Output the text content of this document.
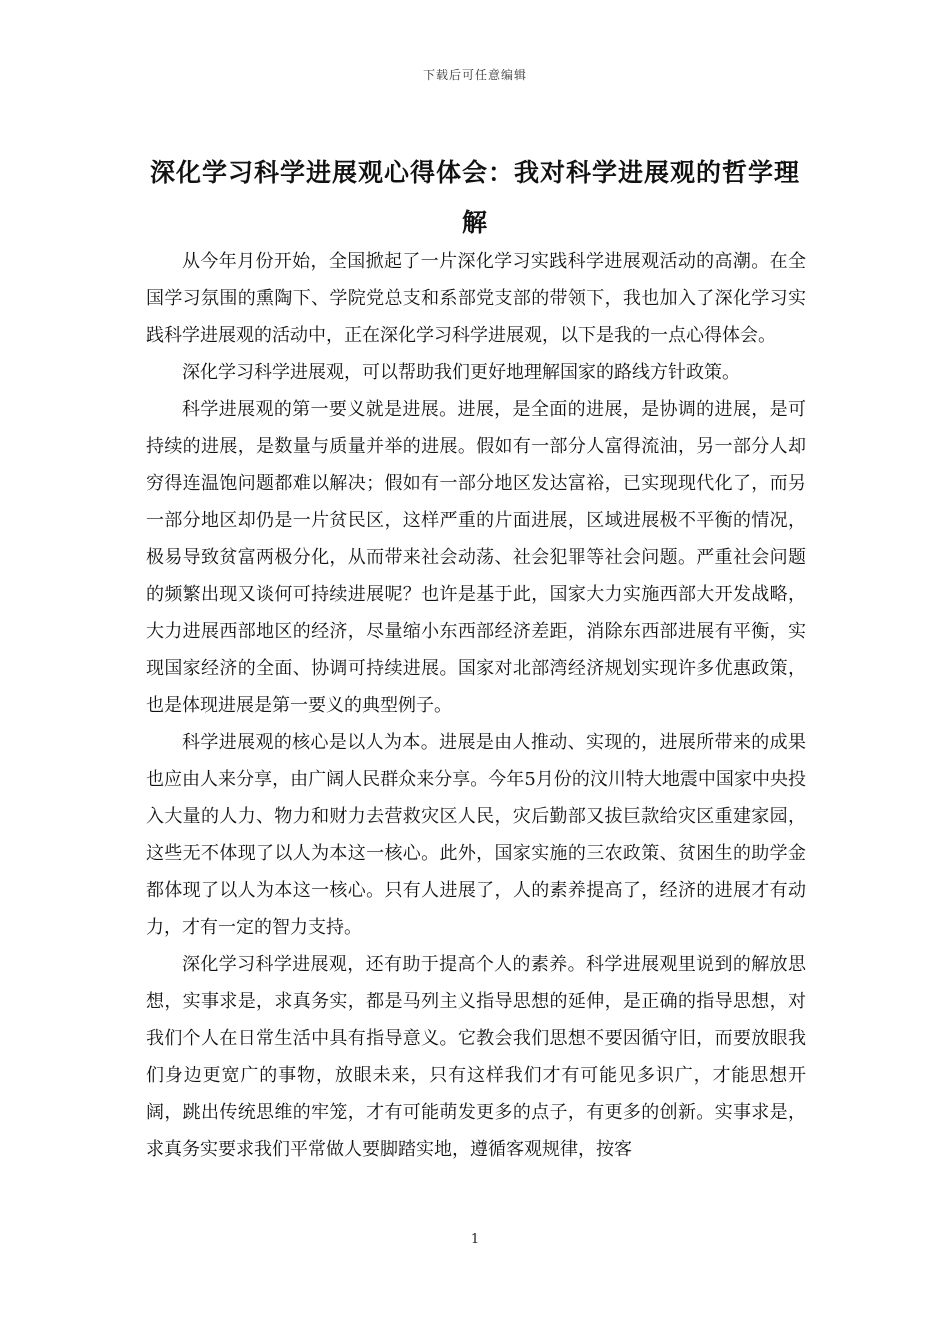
下载后可任意编辑
深化学习科学进展观心得体会：我对科学进展观的哲学理解

从今年月份开始，全国掀起了一片深化学习实践科学进展观活动的高潮。在全国学习氛围的熏陶下、学院党总支和系部党支部的带领下，我也加入了深化学习实践科学进展观的活动中，正在深化学习科学进展观，以下是我的一点心得体会。

深化学习科学进展观，可以帮助我们更好地理解国家的路线方针政策。

科学进展观的第一要义就是进展。进展，是全面的进展，是协调的进展，是可持续的进展，是数量与质量并举的进展。假如有一部分人富得流油，另一部分人却穷得连温饱问题都难以解决；假如有一部分地区发达富裕，已实现现代化了，而另一部分地区却仍是一片贫民区，这样严重的片面进展，区域进展极不平衡的情况，极易导致贫富两极分化，从而带来社会动荡、社会犯罪等社会问题。严重社会问题的频繁出现又谈何可持续进展呢？也许是基于此，国家大力实施西部大开发战略，大力进展西部地区的经济，尽量缩小东西部经济差距，消除东西部进展有平衡，实现国家经济的全面、协调可持续进展。国家对北部湾经济规划实现许多优惠政策，也是体现进展是第一要义的典型例子。

科学进展观的核心是以人为本。进展是由人推动、实现的，进展所带来的成果也应由人来分享，由广阔人民群众来分享。今年5月份的汶川特大地震中国家中央投入大量的人力、物力和财力去营救灾区人民，灾后勤部又拔巨款给灾区重建家园，这些无不体现了以人为本这一核心。此外，国家实施的三农政策、贫困生的助学金都体现了以人为本这一核心。只有人进展了，人的素养提高了，经济的进展才有动力，才有一定的智力支持。

深化学习科学进展观，还有助于提高个人的素养。科学进展观里说到的解放思想，实事求是，求真务实，都是马列主义指导思想的延伸，是正确的指导思想，对我们个人在日常生活中具有指导意义。它教会我们思想不要因循守旧，而要放眼我们身边更宽广的事物，放眼未来，只有这样我们才有可能见多识广，才能思想开阔，跳出传统思维的牢笼，才有可能萌发更多的点子，有更多的创新。实事求是，求真务实要求我们平常做人要脚踏实地，遵循客观规律，按客

1
